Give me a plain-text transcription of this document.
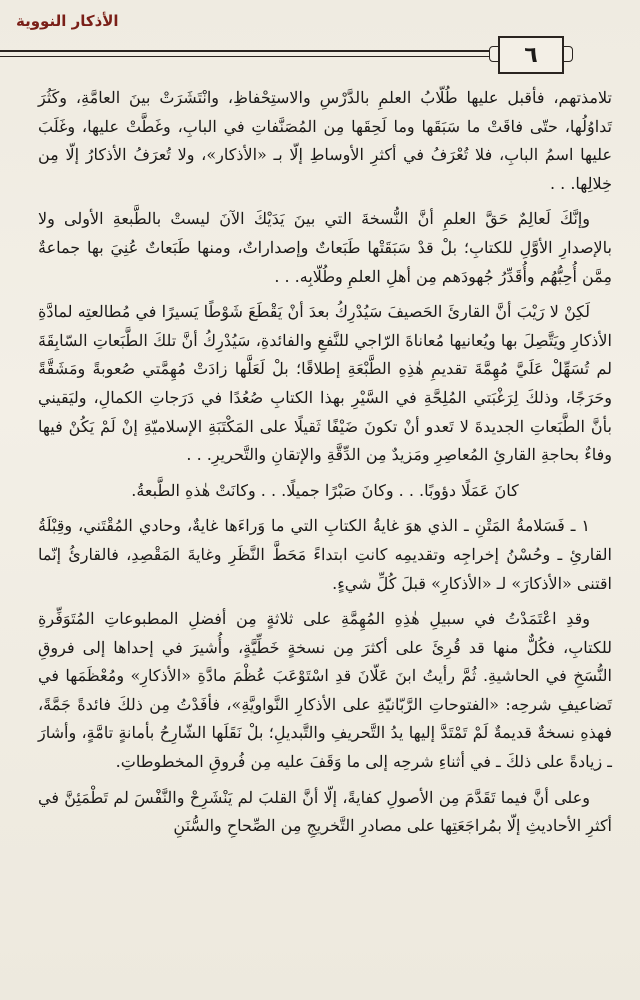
الأذكار النووية
٦

تلامذتهم، فأقبل عليها طُلّابُ العلمِ بالدَّرْسِ والاستِحْفاظِ، وانْتَشَرَتْ بينَ العامَّةِ، وكَثُرَ تَداوُلُها، حتّى فاقَتْ ما سَبَقَها وما لَحِقَها مِن المُصَنَّفاتِ في البابِ، وغَطَّتْ عليها، وغَلَبَ عليها اسمُ البابِ، فلا تُعْرَفُ في أكثرِ الأوساطِ إلّا بـ «الأذكار»، ولا تُعرَفُ الأذكارُ إلّا مِن خِلالِها. . .

وإنَّكَ لَعالِمٌ حَقَّ العلمِ أنَّ النُّسخةَ التي بينَ يَدَيْكَ الآنَ ليستْ بالطَّبعةِ الأولى ولا بالإصدارِ الأوَّلِ للكتابِ؛ بلْ قدْ سَبَقَتْها طَبَعاتٌ وإصداراتٌ، ومنها طَبَعاتٌ عُنِيَ بها جماعةٌ مِمَّن أُحِبُّهُم وأُقَدِّرُ جُهودَهم مِن أهلِ العلمِ وطُلّابِه. . .

لَكِنْ لا رَيْبَ أنَّ القارئَ الحَصيفَ سَيُدْرِكُ بعدَ أنْ يَقْطَعَ شَوْطًا يَسيرًا في مُطالعتِه لمادَّةِ الأذكارِ ويَتَّصِلَ بها ويُعانيها مُعاناةَ الرّاجي للنَّفعِ والفائدةِ، سَيُدْرِكُ أنَّ تلكَ الطَّبَعاتِ السّابِقَةَ لم تُسَهِّلْ عَلَيَّ مُهِمَّةَ تقديمِ هٰذِهِ الطَّبْعَةِ إطلاقًا؛ بلْ لَعَلَّها زادَتْ مُهِمَّتي صُعوبةً ومَشَقَّةً وحَرَجًا، وذلكَ لِرَغْبَتي المُلِحَّةِ في السَّيْرِ بهذا الكتابِ صُعُدًا في دَرَجاتِ الكمالِ، وليَقيني بأنَّ الطَّبَعاتِ الجديدةَ لا تَعدو أنْ تكونَ ضَيْفًا ثَقيلًا على المَكْتَبَةِ الإسلاميّةِ إنْ لَمْ يَكُنْ فيها وفاءٌ بحاجةِ القارئِ المُعاصِرِ ومَزيدٌ مِن الدِّقَّةِ والإتقانِ والتَّحريرِ. . .

كانَ عَمَلًا دؤوبًا. . . وكانَ صَبْرًا جميلًا. . . وكانَتْ هٰذهِ الطَّبعةُ.

١ ـ فَسَلامةُ المَتْنِ ـ الذي هوَ غايةُ الكتابِ التي ما وَراءَها غايةٌ، وحادي المُقْتَني، وقِبْلَةُ القارئِ ـ وحُسْنُ إخراجِه وتقديمِه كانتِ ابتداءً مَحَطَّ النَّظَرِ وغايةَ المَقْصِدِ، فالقارئُ إنّما اقتنى «الأذكارَ» لـ «الأذكارِ» قبلَ كُلِّ شيءٍ.

وقدِ اعْتَمَدْتُ في سبيلِ هٰذِهِ المُهِمَّةِ على ثلاثةٍ مِن أفضلِ المطبوعاتِ المُتَوَفِّرةِ للكتابِ، فكُلٌّ منها قد قُرِئَ على أكثرَ مِن نسخةٍ خَطِّيَّةٍ، وأُشيرَ في إحداها إلى فروقِ النُّسَخِ في الحاشيةِ. ثُمَّ رأيتُ ابنَ عَلّانَ قدِ اسْتَوْعَبَ عُظْمَ مادَّةِ «الأذكارِ» ومُعْظَمَها في تَضاعيفِ شرحِه: «الفتوحاتِ الرَّبّانيّةِ على الأذكارِ النَّواويَّةِ»، فأفَدْتُ مِن ذلكَ فائدةً جَمَّةً، فهذهِ نسخةٌ قديمةٌ لَمْ تَمْتَدَّ إليها يدُ التَّحريفِ والتَّبديلِ؛ بلْ نَقَلَها الشّارِحُ بأمانةٍ تامَّةٍ، وأشارَ ـ زيادةً على ذلكَ ـ في أثناءِ شرحِه إلى ما وَقَفَ عليه مِن فُروقِ المخطوطاتِ.

وعلى أنَّ فيما تَقَدَّمَ مِن الأصولِ كفايةً، إلّا أنَّ القلبَ لم يَنْشَرِحْ والنَّفْسَ لم تَطْمَئِنَّ في أكثرِ الأحاديثِ إلّا بمُراجَعَتِها على مصادرِ التَّخريجِ مِن الصِّحاحِ والسُّنَنِ
